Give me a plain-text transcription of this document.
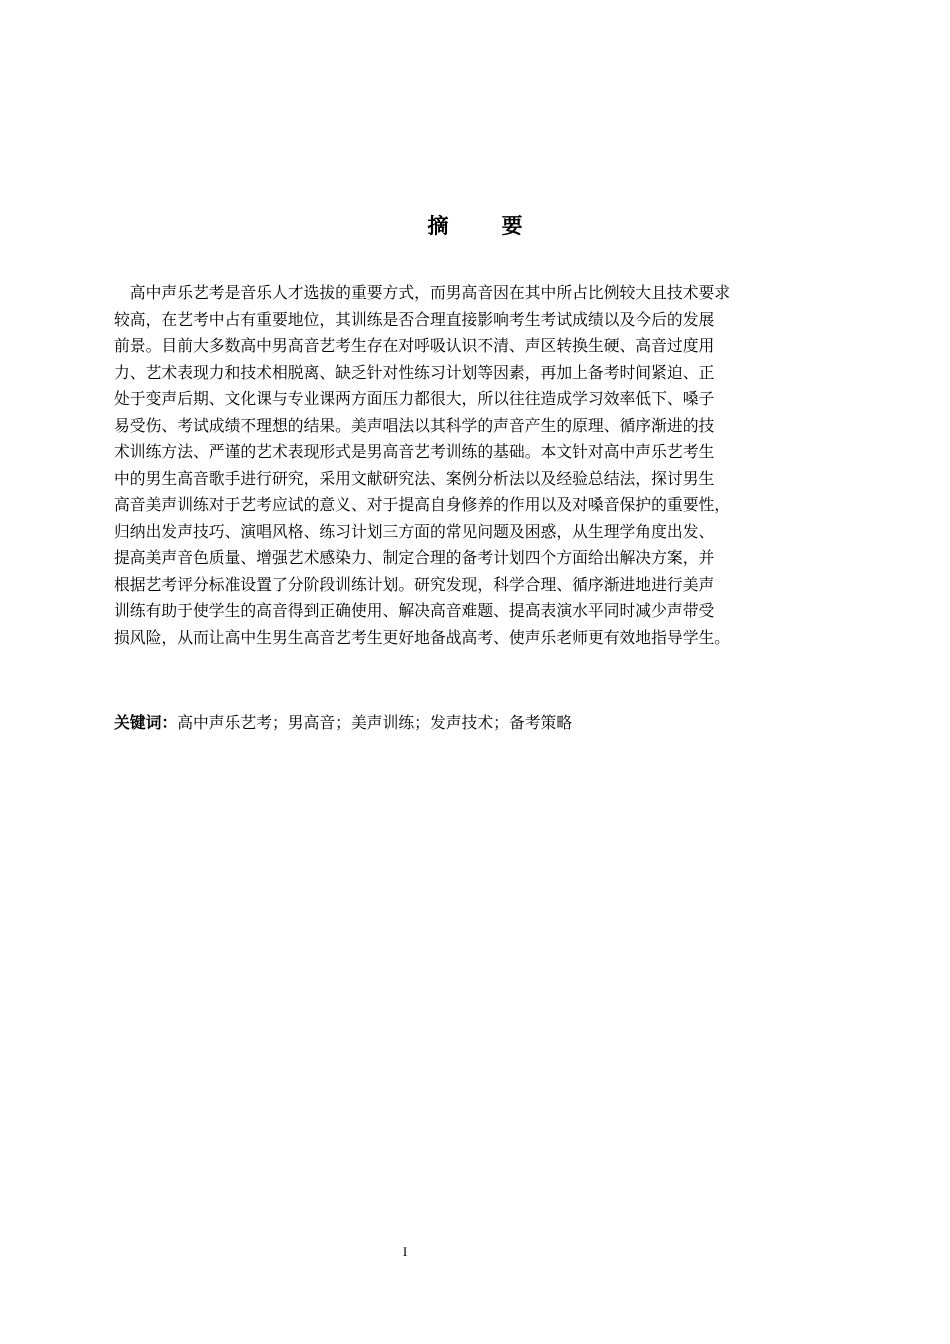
摘　要
　高中声乐艺考是音乐人才选拔的重要方式，而男高音因在其中所占比例较大且技术要求
较高，在艺考中占有重要地位，其训练是否合理直接影响考生考试成绩以及今后的发展
前景。目前大多数高中男高音艺考生存在对呼吸认识不清、声区转换生硬、高音过度用
力、艺术表现力和技术相脱离、缺乏针对性练习计划等因素，再加上备考时间紧迫、正
处于变声后期、文化课与专业课两方面压力都很大，所以往往造成学习效率低下、嗓子
易受伤、考试成绩不理想的结果。美声唱法以其科学的声音产生的原理、循序渐进的技
术训练方法、严谨的艺术表现形式是男高音艺考训练的基础。本文针对高中声乐艺考生
中的男生高音歌手进行研究，采用文献研究法、案例分析法以及经验总结法，探讨男生
高音美声训练对于艺考应试的意义、对于提高自身修养的作用以及对嗓音保护的重要性，
归纳出发声技巧、演唱风格、练习计划三方面的常见问题及困惑，从生理学角度出发、
提高美声音色质量、增强艺术感染力、制定合理的备考计划四个方面给出解决方案，并
根据艺考评分标准设置了分阶段训练计划。研究发现，科学合理、循序渐进地进行美声
训练有助于使学生的高音得到正确使用、解决高音难题、提高表演水平同时减少声带受
损风险，从而让高中生男生高音艺考生更好地备战高考、使声乐老师更有效地指导学生。
关键词：高中声乐艺考；男高音；美声训练；发声技术；备考策略
I
